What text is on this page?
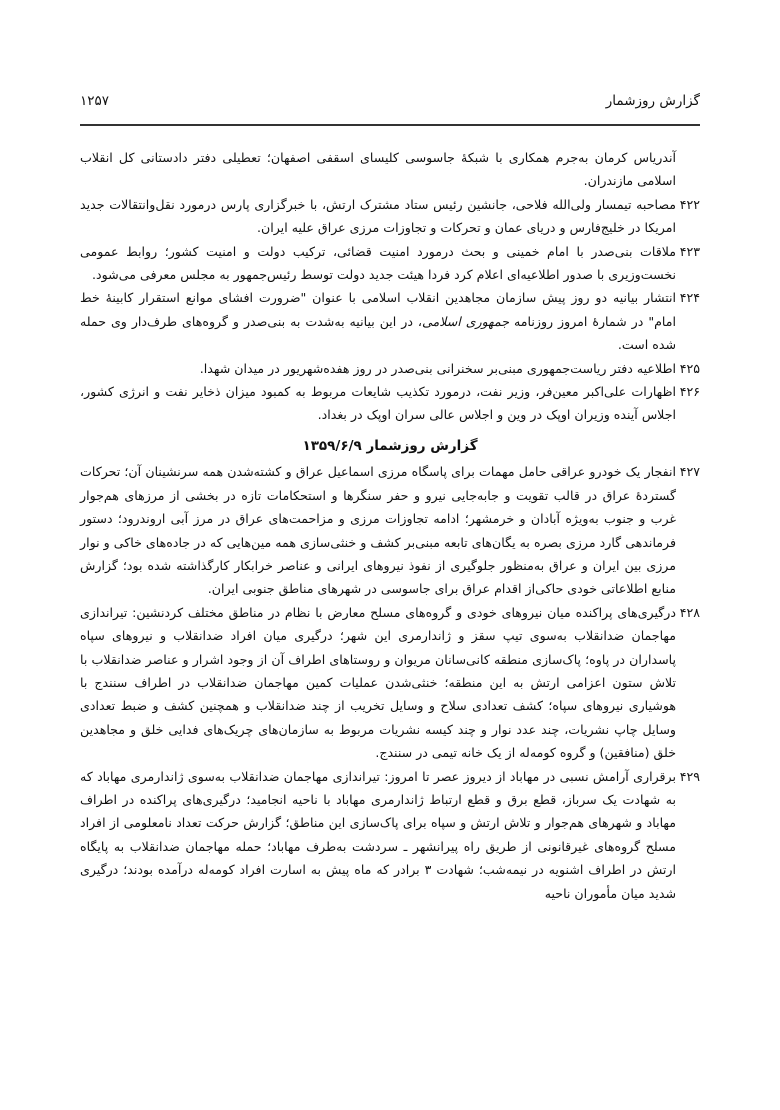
گزارش روزشمار
۱۲۵۷

آندریاس کرمان به‌جرم همکاری با شبکهٔ جاسوسی کلیسای اسقفی اصفهان؛ تعطیلی دفتر دادستانی کل انقلاب اسلامی مازندران.

۴۲۲مصاحبه تیمسار ولی‌الله فلاحی، جانشین رئیس ستاد مشترک ارتش، با خبرگزاری پارس درمورد نقل‌وانتقالات جدید امریکا در خلیج‌فارس و دریای عمان و تحرکات و تجاوزات مرزی عراق علیه ایران.

۴۲۳ملاقات بنی‌صدر با امام خمینی و بحث درمورد امنیت قضائی، ترکیب دولت و امنیت کشور؛ روابط عمومی نخست‌وزیری با صدور اطلاعیه‌ای اعلام کرد فردا هیئت جدید دولت توسط رئیس‌جمهور به مجلس معرفی می‌شود.

۴۲۴انتشار بیانیه دو روز پیش سازمان مجاهدین انقلاب اسلامی با عنوان "ضرورت افشای موانع استقرار کابینهٔ خط امام" در شمارهٔ امروز روزنامه جمهوری اسلامی، در این بیانیه به‌شدت به بنی‌صدر و گروه‌های طرف‌دار وی حمله شده است.

۴۲۵اطلاعیه دفتر ریاست‌جمهوری مبنی‌بر سخنرانی بنی‌صدر در روز هفده‌شهریور در میدان شهدا.

۴۲۶اظهارات علی‌اکبر معین‌فر، وزیر نفت، درمورد تکذیب شایعات مربوط به کمبود میزان ذخایر نفت و انرژی کشور، اجلاس آینده وزیران اوپک در وین و اجلاس عالی سران اوپک در بغداد.

گزارش روزشمار ۱۳۵۹/۶/۹

۴۲۷انفجار یک خودرو عراقی حامل مهمات برای پاسگاه مرزی اسماعیل عراق و کشته‌شدن همه سرنشینان آن؛ تحرکات گستردهٔ عراق در قالب تقویت و جابه‌جایی نیرو و حفر سنگرها و استحکامات تازه در بخشی از مرزهای هم‌جوار غرب و جنوب به‌ویژه آبادان و خرمشهر؛ ادامه تجاوزات مرزی و مزاحمت‌های عراق در مرز آبی اروندرود؛ دستور فرماندهی گارد مرزی بصره به یگان‌های تابعه مبنی‌بر کشف و خنثی‌سازی همه مین‌هایی که در جاده‌های خاکی و نوار مرزی بین ایران و عراق به‌منظور جلوگیری از نفوذ نیروهای ایرانی و عناصر خرابکار کارگذاشته شده بود؛ گزارش منابع اطلاعاتی خودی حاکی‌از اقدام عراق برای جاسوسی در شهرهای مناطق جنوبی ایران.

۴۲۸درگیری‌های پراکنده میان نیروهای خودی و گروه‌های مسلح معارض با نظام در مناطق مختلف کردنشین: تیراندازی مهاجمان ضدانقلاب به‌سوی تیپ سقز و ژاندارمری این شهر؛ درگیری میان افراد ضدانقلاب و نیروهای سپاه پاسداران در پاوه؛ پاک‌سازی منطقه کانی‌سانان مریوان و روستاهای اطراف آن از وجود اشرار و عناصر ضدانقلاب با تلاش ستون اعزامی ارتش به این منطقه؛ خنثی‌شدن عملیات کمین مهاجمان ضدانقلاب در اطراف سنندج با هوشیاری نیروهای سپاه؛ کشف تعدادی سلاح و وسایل تخریب از چند ضدانقلاب و همچنین کشف و ضبط تعدادی وسایل چاپ نشریات، چند عدد نوار و چند کیسه نشریات مربوط به سازمان‌های چریک‌های فدایی خلق و مجاهدین خلق (منافقین) و گروه کومه‌له از یک خانه تیمی در سنندج.

۴۲۹برقراری آرامش نسبی در مهاباد از دیروز عصر تا امروز: تیراندازی مهاجمان ضدانقلاب به‌سوی ژاندارمری مهاباد که به شهادت یک سرباز، قطع برق و قطع ارتباط ژاندارمری مهاباد با ناحیه انجامید؛ درگیری‌های پراکنده در اطراف مهاباد و شهرهای هم‌جوار و تلاش ارتش و سپاه برای پاک‌سازی این مناطق؛ گزارش حرکت تعداد نامعلومی از افراد مسلح گروه‌های غیرقانونی از طریق راه پیرانشهر ـ سردشت به‌طرف مهاباد؛ حمله مهاجمان ضدانقلاب به پایگاه ارتش در اطراف اشنویه در نیمه‌شب؛ شهادت ۳ برادر که ماه پیش به اسارت افراد کومه‌له درآمده بودند؛ درگیری شدید میان مأموران ناحیه
